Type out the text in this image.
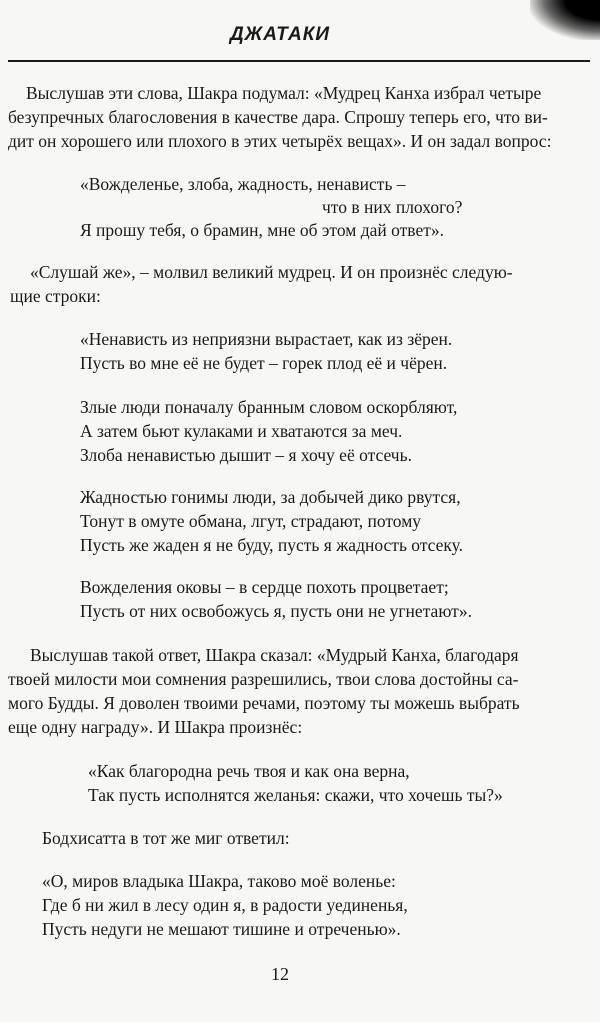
ДЖАТАКИ
Выслушав эти слова, Шакра подумал: «Мудрец Канха избрал четыре
безупречных благословения в качестве дара. Спрошу теперь его, что ви-
дит он хорошего или плохого в этих четырёх вещах». И он задал вопрос:
«Вожделенье, злоба, жадность, ненависть –
что в них плохого?
Я прошу тебя, о брамин, мне об этом дай ответ».
«Слушай же», – молвил великий мудрец. И он произнёс следую-
щие строки:
«Ненависть из неприязни вырастает, как из зёрен.
Пусть во мне её не будет – горек плод её и чёрен.
Злые люди поначалу бранным словом оскорбляют,
А затем бьют кулаками и хватаются за меч.
Злоба ненавистью дышит – я хочу её отсечь.
Жадностью гонимы люди, за добычей дико рвутся,
Тонут в омуте обмана, лгут, страдают, потому
Пусть же жаден я не буду, пусть я жадность отсеку.
Вожделения оковы – в сердце похоть процветает;
Пусть от них освобожусь я, пусть они не угнетают».
Выслушав такой ответ, Шакра сказал: «Мудрый Канха, благодаря
твоей милости мои сомнения разрешились, твои слова достойны са-
мого Будды. Я доволен твоими речами, поэтому ты можешь выбрать
еще одну награду». И Шакра произнёс:
«Как благородна речь твоя и как она верна,
Так пусть исполнятся желанья: скажи, что хочешь ты?»
Бодхисатта в тот же миг ответил:
«О, миров владыка Шакра, таково моё воленье:
Где б ни жил в лесу один я, в радости уединенья,
Пусть недуги не мешают тишине и отреченью».
12
